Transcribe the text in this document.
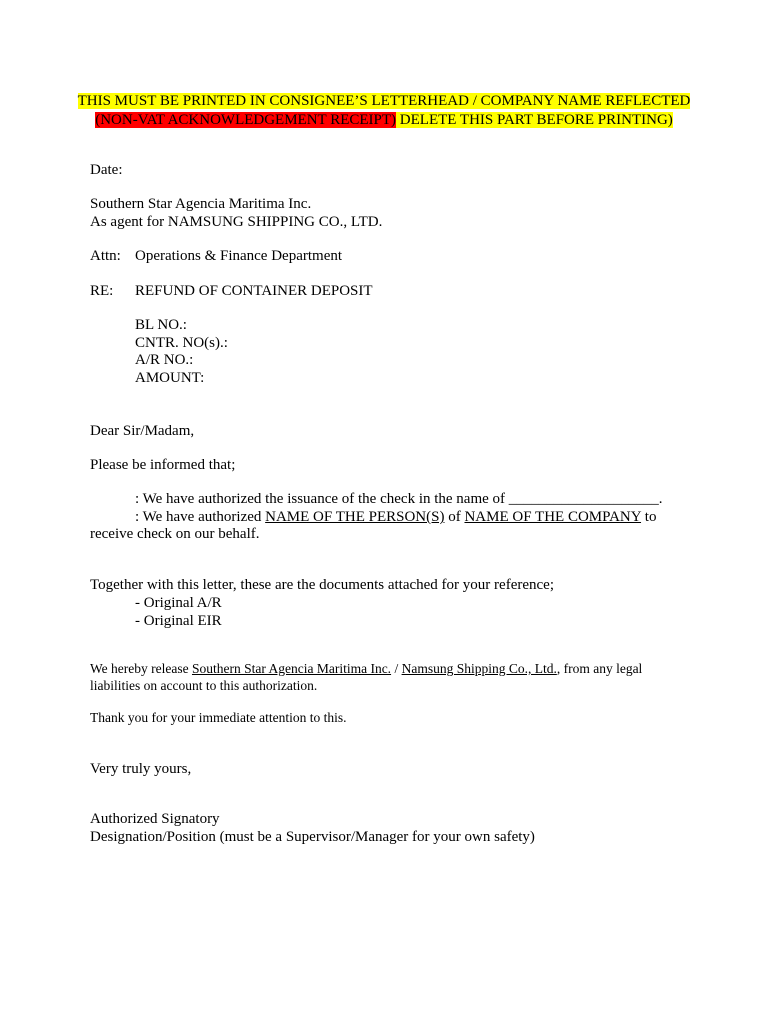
THIS MUST BE PRINTED IN CONSIGNEE’S LETTERHEAD / COMPANY NAME REFLECTED
(NON-VAT ACKNOWLEDGEMENT RECEIPT) DELETE THIS PART BEFORE PRINTING)
Date:
Southern Star Agencia Maritima Inc.
As agent for NAMSUNG SHIPPING CO., LTD.
Attn: Operations & Finance Department
RE: REFUND OF CONTAINER DEPOSIT
BL NO.:
CNTR. NO(s).:
A/R NO.:
AMOUNT:
Dear Sir/Madam,
Please be informed that;
: We have authorized the issuance of the check in the name of ____________________.
: We have authorized NAME OF THE PERSON(S) of NAME OF THE COMPANY to
receive check on our behalf.
Together with this letter, these are the documents attached for your reference;
- Original A/R
- Original EIR
We hereby release Southern Star Agencia Maritima Inc. / Namsung Shipping Co., Ltd., from any legal
liabilities on account to this authorization.
Thank you for your immediate attention to this.
Very truly yours,
Authorized Signatory
Designation/Position (must be a Supervisor/Manager for your own safety)
